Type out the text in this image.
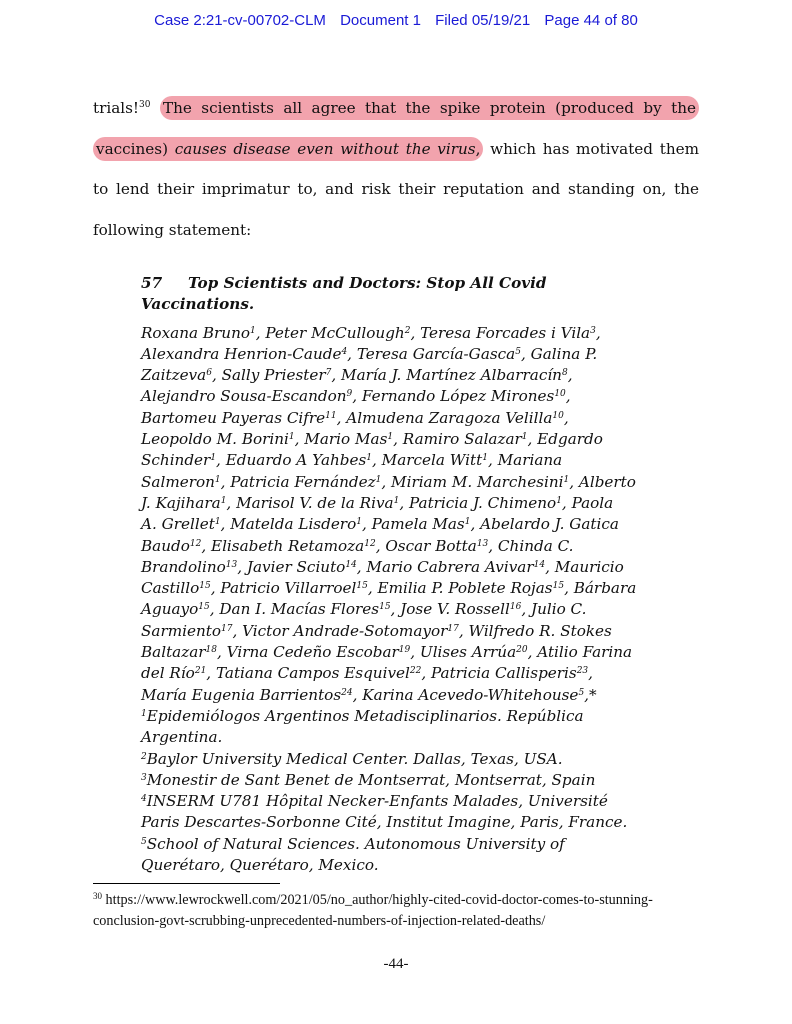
Case 2:21-cv-00702-CLM Document 1 Filed 05/19/21 Page 44 of 80
trials!$^{30}$ The scientists all agree that the spike protein (produced by the vaccines) causes disease even without the virus, which has motivated them to lend their imprimatur to, and risk their reputation and standing on, the following statement:
57 Top Scientists and Doctors: Stop All Covid Vaccinations.
Roxana Bruno$^1$, Peter McCullough$^2$, Teresa Forcades i Vila$^3$,
Alexandra Henrion-Caude$^4$, Teresa García-Gasca$^5$, Galina P.
Zaitzeva$^6$, Sally Priester$^7$, María J. Martínez Albarracín$^8$,
Alejandro Sousa-Escandon$^9$, Fernando López Mirones$^{10}$,
Bartomeu Payeras Cifre$^{11}$, Almudena Zaragoza Velilla$^{10}$,
Leopoldo M. Borini$^1$, Mario Mas$^1$, Ramiro Salazar$^1$, Edgardo
Schinder$^1$, Eduardo A Yahbes$^1$, Marcela Witt$^1$, Mariana
Salmeron$^1$, Patricia Fernández$^1$, Miriam M. Marchesini$^1$, Alberto
J. Kajihara$^1$, Marisol V. de la Riva$^1$, Patricia J. Chimeno$^1$, Paola
A. Grellet$^1$, Matelda Lisdero$^1$, Pamela Mas$^1$, Abelardo J. Gatica
Baudo$^{12}$, Elisabeth Retamoza$^{12}$, Oscar Botta$^{13}$, Chinda C.
Brandolino$^{13}$, Javier Sciuto$^{14}$, Mario Cabrera Avivar$^{14}$, Mauricio
Castillo$^{15}$, Patricio Villarroel$^{15}$, Emilia P. Poblete Rojas$^{15}$, Bárbara
Aguayo$^{15}$, Dan I. Macías Flores$^{15}$, Jose V. Rossell$^{16}$, Julio C.
Sarmiento$^{17}$, Victor Andrade-Sotomayor$^{17}$, Wilfredo R. Stokes
Baltazar$^{18}$, Virna Cedeño Escobar$^{19}$, Ulises Arrúa$^{20}$, Atilio Farina
del Río$^{21}$, Tatiana Campos Esquivel$^{22}$, Patricia Callisperis$^{23}$,
María Eugenia Barrientos$^{24}$, Karina Acevedo-Whitehouse$^5$,*
$^1$Epidemiólogos Argentinos Metadisciplinarios. República
Argentina.
$^2$Baylor University Medical Center. Dallas, Texas, USA.
$^3$Monestir de Sant Benet de Montserrat, Montserrat, Spain
$^4$INSERM U781 Hôpital Necker-Enfants Malades, Université
Paris Descartes-Sorbonne Cité, Institut Imagine, Paris, France.
$^5$School of Natural Sciences. Autonomous University of
Querétaro, Querétaro, Mexico.
$^{30}$ https://www.lewrockwell.com/2021/05/no_author/highly-cited-covid-doctor-comes-to-stunning-conclusion-govt-scrubbing-unprecedented-numbers-of-injection-related-deaths/
-44-
